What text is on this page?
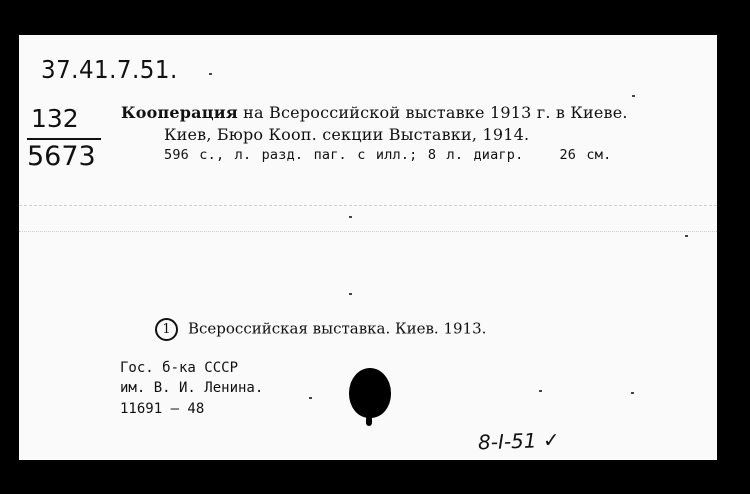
37.41.7.51.
132
5673
Кооперация на Всероссийской выставке 1913 г. в Киеве.
Киев, Бюро Кооп. секции Выставки, 1914.
596 с., л. разд. паг. с илл.; 8 л. диагр.	26 см.
1 Всероссийская выставка. Киев. 1913.
Гос. б-ка СССР
им. В. И. Ленина.
11691 — 48
8-I-51 ✓
